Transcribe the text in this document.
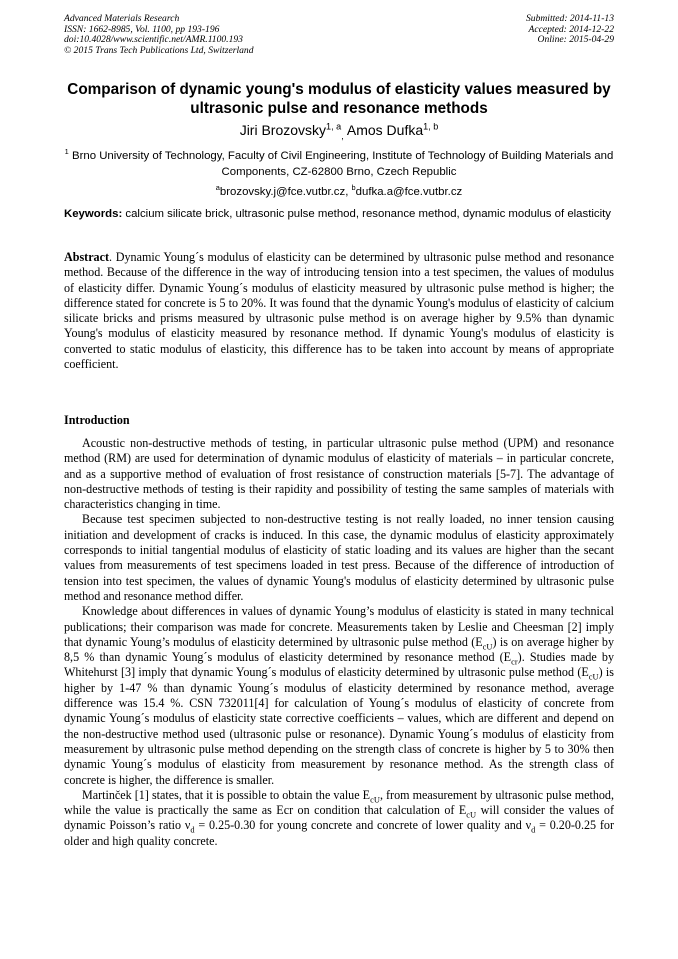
Advanced Materials Research
ISSN: 1662-8985, Vol. 1100, pp 193-196
doi:10.4028/www.scientific.net/AMR.1100.193
© 2015 Trans Tech Publications Ltd, Switzerland
Submitted: 2014-11-13
Accepted: 2014-12-22
Online: 2015-04-29
Comparison of dynamic young's modulus of elasticity values measured by ultrasonic pulse and resonance methods
Jiri Brozovsky$^{1, a}_,$ Amos Dufka$^{1, b}$
$^1$ Brno University of Technology, Faculty of Civil Engineering, Institute of Technology of Building Materials and Components, CZ-62800 Brno, Czech Republic
$^a$brozovsky.j@fce.vutbr.cz, $^b$dufka.a@fce.vutbr.cz
Keywords: calcium silicate brick, ultrasonic pulse method, resonance method, dynamic modulus of elasticity
Abstract. Dynamic Young´s modulus of elasticity can be determined by ultrasonic pulse method and resonance method. Because of the difference in the way of introducing tension into a test specimen, the values of modulus of elasticity differ. Dynamic Young´s modulus of elasticity measured by ultrasonic pulse method is higher; the difference stated for concrete is 5 to 20%. It was found that the dynamic Young's modulus of elasticity of calcium silicate bricks and prisms measured by ultrasonic pulse method is on average higher by 9.5% than dynamic Young's modulus of elasticity measured by resonance method. If dynamic Young's modulus of elasticity is converted to static modulus of elasticity, this difference has to be taken into account by means of appropriate coefficient.
Introduction

Acoustic non-destructive methods of testing, in particular ultrasonic pulse method (UPM) and resonance method (RM) are used for determination of dynamic modulus of elasticity of materials – in particular concrete, and as a supportive method of evaluation of frost resistance of construction materials [5-7]. The advantage of non-destructive methods of testing is their rapidity and possibility of testing the same samples of materials with characteristics changing in time.

Because test specimen subjected to non-destructive testing is not really loaded, no inner tension causing initiation and development of cracks is induced. In this case, the dynamic modulus of elasticity approximately corresponds to initial tangential modulus of elasticity of static loading and its values are higher than the secant values from measurements of test specimens loaded in test press. Because of the difference of introduction of tension into test specimen, the values of dynamic Young's modulus of elasticity determined by ultrasonic pulse method and resonance method differ.

Knowledge about differences in values of dynamic Young’s modulus of elasticity is stated in many technical publications; their comparison was made for concrete. Measurements taken by Leslie and Cheesman [2] imply that dynamic Young’s modulus of elasticity determined by ultrasonic pulse method $(E_{cU})$ is on average higher by 8,5 % than dynamic Young´s modulus of elasticity determined by resonance method $(E_{cr})$. Studies made by Whitehurst [3] imply that dynamic Young´s modulus of elasticity determined by ultrasonic pulse method $(E_{cU})$ is higher by 1-47 % than dynamic Young´s modulus of elasticity determined by resonance method, average difference was 15.4 %. CSN 732011[4] for calculation of Young´s modulus of elasticity of concrete from dynamic Young´s modulus of elasticity state corrective coefficients – values, which are different and depend on the non-destructive method used (ultrasonic pulse or resonance). Dynamic Young´s modulus of elasticity from measurement by ultrasonic pulse method depending on the strength class of concrete is higher by 5 to 30% then dynamic Young´s modulus of elasticity from measurement by resonance method. As the strength class of concrete is higher, the difference is smaller.

Martinček [1] states, that it is possible to obtain the value $E_{cU}$, from measurement by ultrasonic pulse method, while the value is practically the same as Ecr on condition that calculation of $E_{cU}$ will consider the values of dynamic Poisson’s ratio $\nu_d = 0.25-0.30$ for young concrete and concrete of lower quality and $\nu_d = 0.20-0.25$ for older and high quality concrete.
